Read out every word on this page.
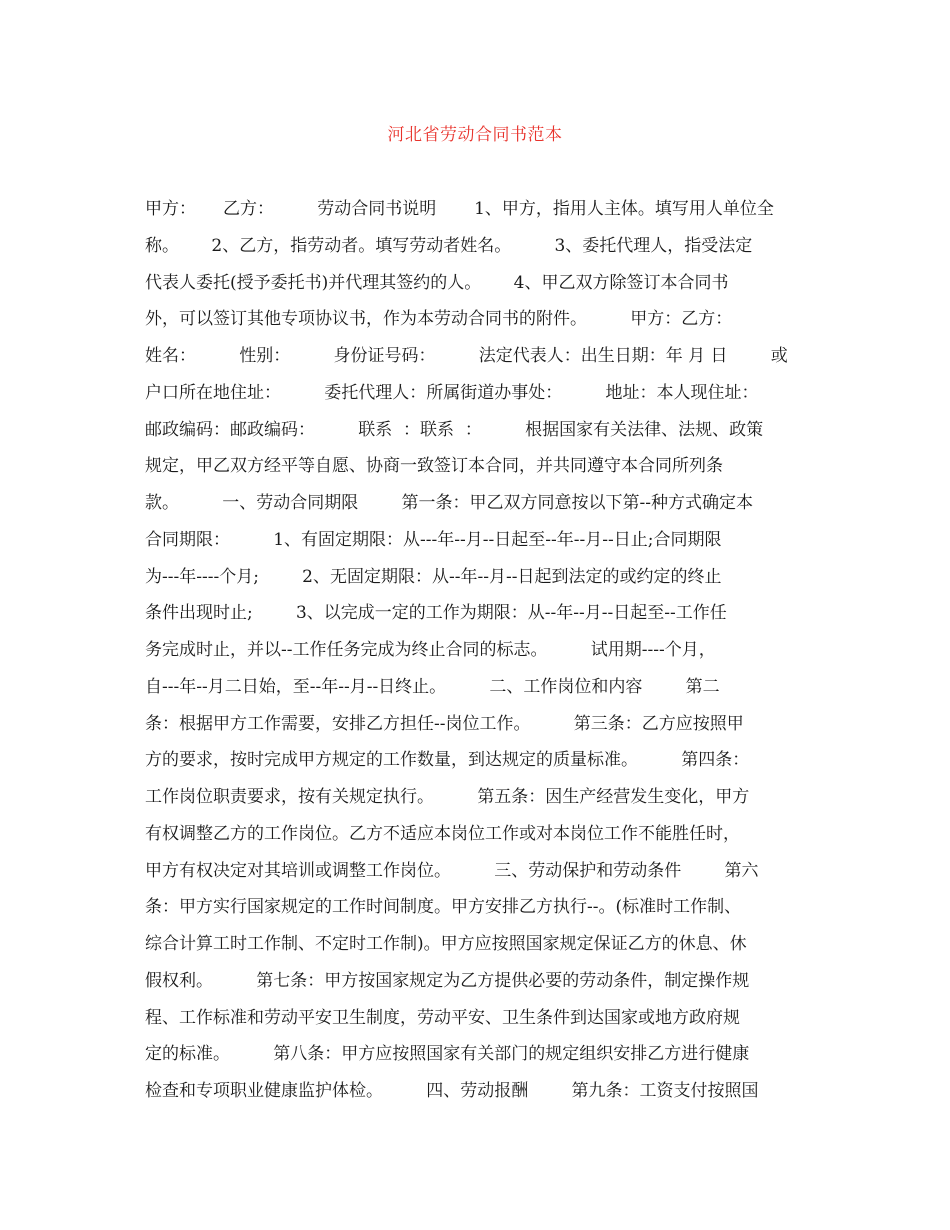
河北省劳动合同书范本
甲方：     乙方：        劳动合同书说明       1、甲方，指用人主体。填写用人单位全
称。      2、乙方，指劳动者。填写劳动者姓名。        3、委托代理人，指受法定
代表人委托(授予委托书)并代理其签约的人。      4、甲乙双方除签订本合同书
外，可以签订其他专项协议书，作为本劳动合同书的附件。        甲方：乙方：
姓名：        性别：        身份证号码：        法定代表人：出生日期：年 月 日        或
户口所在地住址：        委托代理人：所属街道办事处：        地址：本人现住址：
邮政编码：邮政编码：        联系  ：联系  ：        根据国家有关法律、法规、政策
规定，甲乙双方经平等自愿、协商一致签订本合同，并共同遵守本合同所列条
款。        一、劳动合同期限        第一条：甲乙双方同意按以下第--种方式确定本
合同期限：        1、有固定期限：从---年--月--日起至--年--月--日止;合同期限
为---年----个月;        2、无固定期限：从--年--月--日起到法定的或约定的终止
条件出现时止;        3、以完成一定的工作为期限：从--年--月--日起至--工作任
务完成时止，并以--工作任务完成为终止合同的标志。        试用期----个月，
自---年--月二日始，至--年--月--日终止。        二、工作岗位和内容        第二
条：根据甲方工作需要，安排乙方担任--岗位工作。        第三条：乙方应按照甲
方的要求，按时完成甲方规定的工作数量，到达规定的质量标准。        第四条：
工作岗位职责要求，按有关规定执行。        第五条：因生产经营发生变化，甲方
有权调整乙方的工作岗位。乙方不适应本岗位工作或对本岗位工作不能胜任时，
甲方有权决定对其培训或调整工作岗位。        三、劳动保护和劳动条件        第六
条：甲方实行国家规定的工作时间制度。甲方安排乙方执行--。(标准时工作制、
综合计算工时工作制、不定时工作制)。甲方应按照国家规定保证乙方的休息、休
假权利。        第七条：甲方按国家规定为乙方提供必要的劳动条件，制定操作规
程、工作标准和劳动平安卫生制度，劳动平安、卫生条件到达国家或地方政府规
定的标准。        第八条：甲方应按照国家有关部门的规定组织安排乙方进行健康
检查和专项职业健康监护体检。        四、劳动报酬        第九条：工资支付按照国
